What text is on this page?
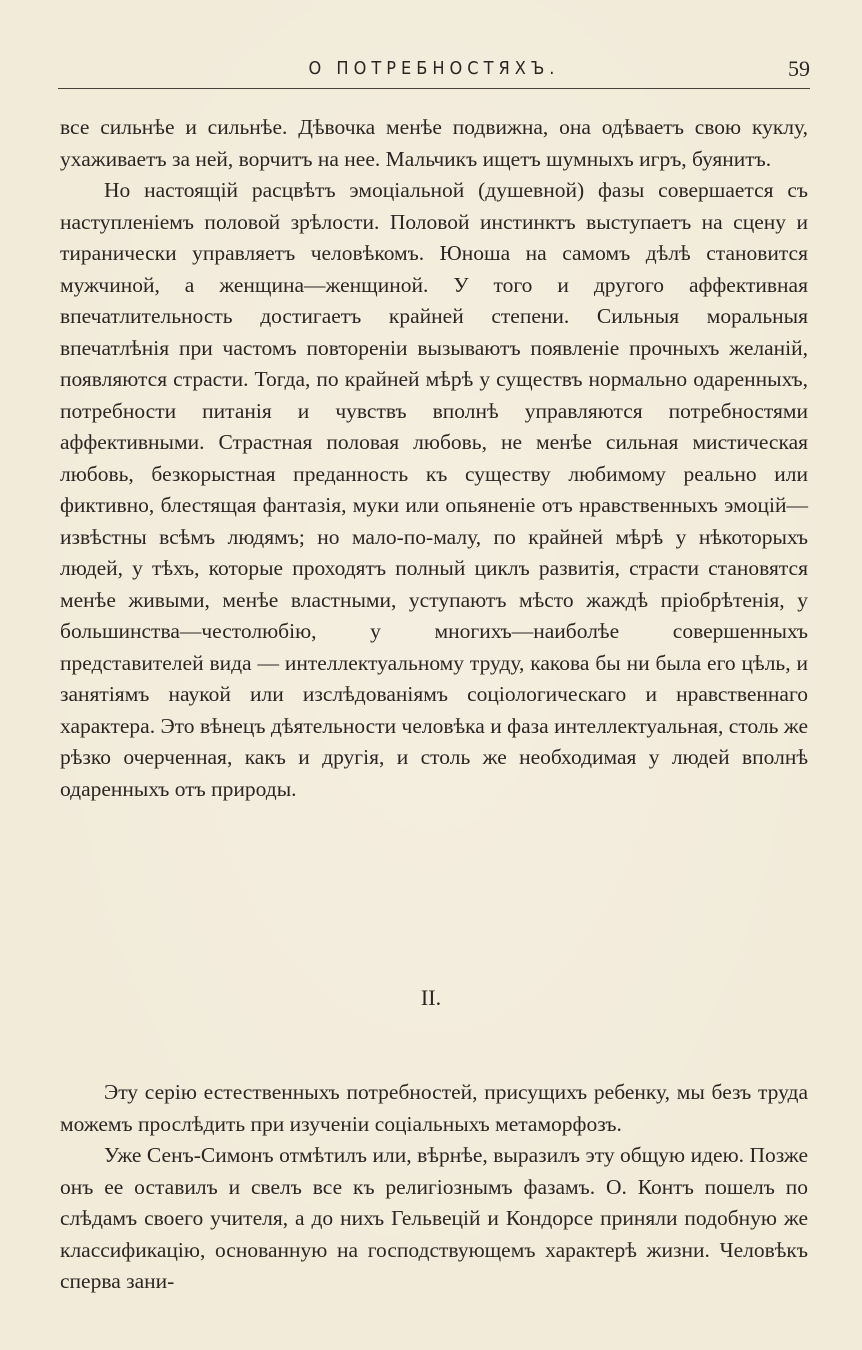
О ПОТРЕБНОСТЯХЪ.	59

все сильнѣе и сильнѣе. Дѣвочка менѣе подвижна, она одѣваетъ свою куклу, ухаживаетъ за ней, ворчитъ на нее. Мальчикъ ищетъ шумныхъ игръ, буянитъ.

Но настоящій расцвѣтъ эмоціальной (душевной) фазы совершается съ наступленіемъ половой зрѣлости. Половой инстинктъ выступаетъ на сцену и тиранически управляетъ человѣкомъ. Юноша на самомъ дѣлѣ становится мужчиной, а женщина—женщиной. У того и другого аффективная впечатлительность достигаетъ крайней степени. Сильныя моральныя впечатлѣнія при частомъ повтореніи вызываютъ появленіе прочныхъ желаній, появляются страсти. Тогда, по крайней мѣрѣ у существъ нормально одаренныхъ, потребности питанія и чувствъ вполнѣ управляются потребностями аффективными. Страстная половая любовь, не менѣе сильная мистическая любовь, безкорыстная преданность къ существу любимому реально или фиктивно, блестящая фантазія, муки или опьяненіе отъ нравственныхъ эмоцій—извѣстны всѣмъ людямъ; но мало-по-малу, по крайней мѣрѣ у нѣкоторыхъ людей, у тѣхъ, которые проходятъ полный циклъ развитія, страсти становятся менѣе живыми, менѣе властными, уступаютъ мѣсто жаждѣ пріобрѣтенія, у большинства—честолюбію, у многихъ—наиболѣе совершенныхъ представителей вида — интеллектуальному труду, какова бы ни была его цѣль, и занятіямъ наукой или изслѣдованіямъ соціологическаго и нравственнаго характера. Это вѣнецъ дѣятельности человѣка и фаза интеллектуальная, столь же рѣзко очерченная, какъ и другія, и столь же необходимая у людей вполнѣ одаренныхъ отъ природы.

II.

Эту серію естественныхъ потребностей, присущихъ ребенку, мы безъ труда можемъ прослѣдить при изученіи соціальныхъ метаморфозъ.

Уже Сенъ-Симонъ отмѣтилъ или, вѣрнѣе, выразилъ эту общую идею. Позже онъ ее оставилъ и свелъ все къ религіознымъ фазамъ. О. Контъ пошелъ по слѣдамъ своего учителя, а до нихъ Гельвецій и Кондорсе приняли подобную же классификацію, основанную на господствующемъ характерѣ жизни. Человѣкъ сперва зани-
